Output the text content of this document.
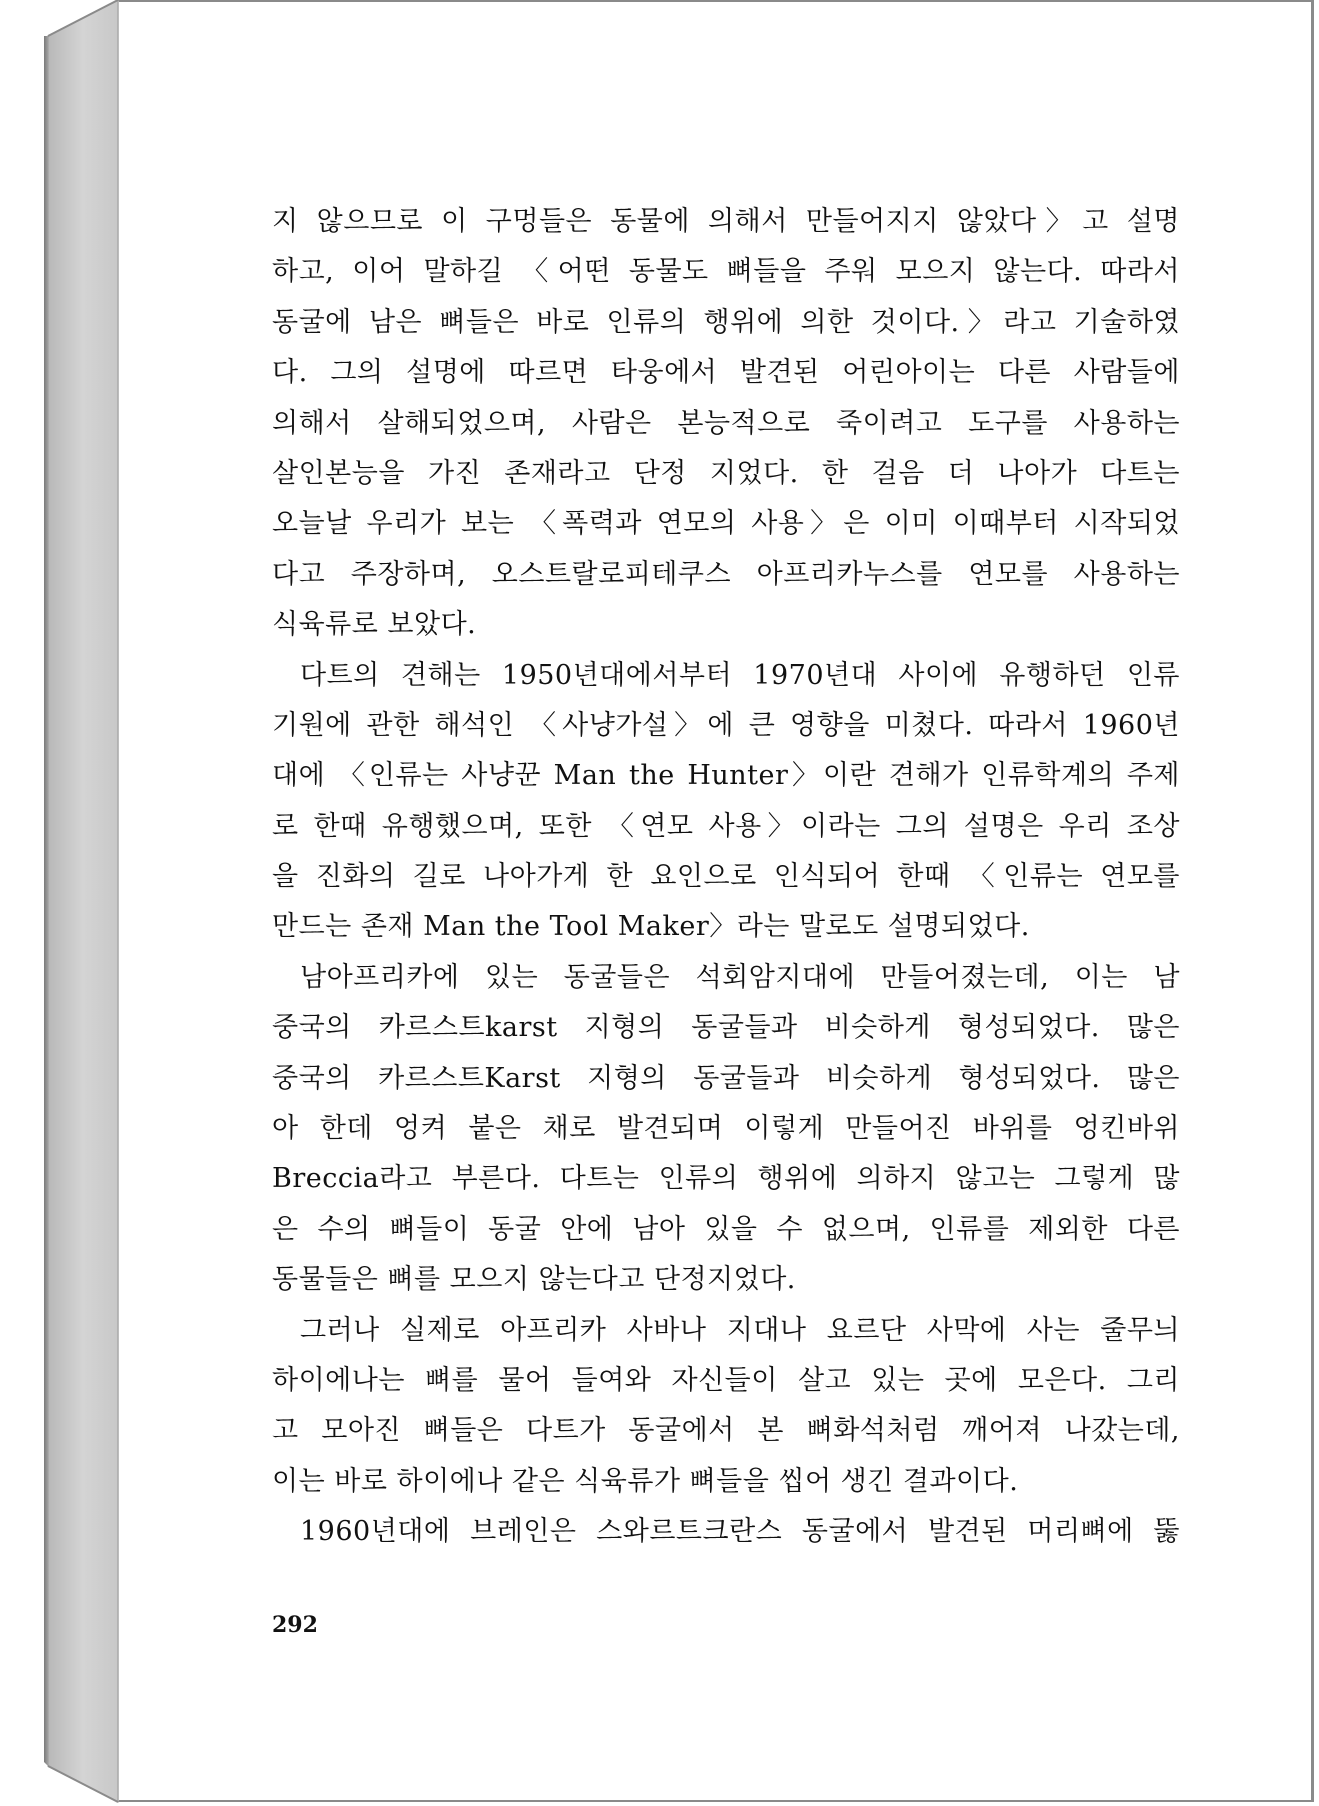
지 않으므로 이 구멍들은 동물에 의해서 만들어지지 않았다〉고 설명
하고, 이어 말하길 〈어떤 동물도 뼈들을 주워 모으지 않는다. 따라서
동굴에 남은 뼈들은 바로 인류의 행위에 의한 것이다.〉라고 기술하였
다. 그의 설명에 따르면 타웅에서 발견된 어린아이는 다른 사람들에
의해서 살해되었으며, 사람은 본능적으로 죽이려고 도구를 사용하는
살인본능을 가진 존재라고 단정 지었다. 한 걸음 더 나아가 다트는
오늘날 우리가 보는 〈폭력과 연모의 사용〉은 이미 이때부터 시작되었
다고 주장하며, 오스트랄로피테쿠스 아프리카누스를 연모를 사용하는
식육류로 보았다.
다트의 견해는 1950년대에서부터 1970년대 사이에 유행하던 인류
기원에 관한 해석인 〈사냥가설〉에 큰 영향을 미쳤다. 따라서 1960년
대에 〈인류는 사냥꾼 Man the Hunter〉이란 견해가 인류학계의 주제
로 한때 유행했으며, 또한 〈연모 사용〉이라는 그의 설명은 우리 조상
을 진화의 길로 나아가게 한 요인으로 인식되어 한때 〈인류는 연모를
만드는 존재 Man the Tool Maker〉라는 말로도 설명되었다.
남아프리카에 있는 동굴들은 석회암지대에 만들어졌는데, 이는 남
중국의 카르스트karst 지형의 동굴들과 비슷하게 형성되었다. 많은
중국의 카르스트Karst 지형의 동굴들과 비슷하게 형성되었다. 많은
아 한데 엉켜 붙은 채로 발견되며 이렇게 만들어진 바위를 엉킨바위
Breccia라고 부른다. 다트는 인류의 행위에 의하지 않고는 그렇게 많
은 수의 뼈들이 동굴 안에 남아 있을 수 없으며, 인류를 제외한 다른
동물들은 뼈를 모으지 않는다고 단정지었다.
그러나 실제로 아프리카 사바나 지대나 요르단 사막에 사는 줄무늬
하이에나는 뼈를 물어 들여와 자신들이 살고 있는 곳에 모은다. 그리
고 모아진 뼈들은 다트가 동굴에서 본 뼈화석처럼 깨어져 나갔는데,
이는 바로 하이에나 같은 식육류가 뼈들을 씹어 생긴 결과이다.
1960년대에 브레인은 스와르트크란스 동굴에서 발견된 머리뼈에 뚫
292
